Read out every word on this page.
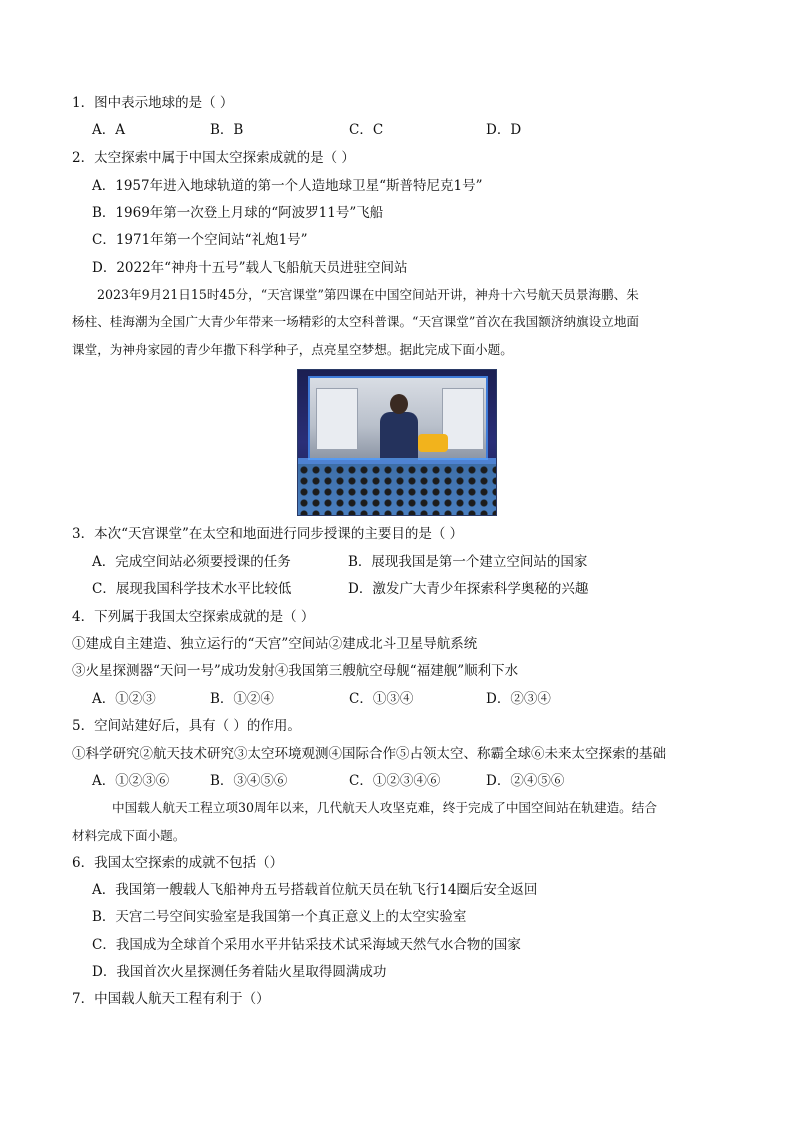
1．图中表示地球的是（ ）
A．A	B．B	C．C	D．D
2．太空探索中属于中国太空探索成就的是（ ）
A．1957年进入地球轨道的第一个人造地球卫星“斯普特尼克1号”
B．1969年第一次登上月球的“阿波罗11号”飞船
C．1971年第一个空间站“礼炮1号”
D．2022年“神舟十五号”载人飞船航天员进驻空间站
2023年9月21日15时45分，“天宫课堂”第四课在中国空间站开讲，神舟十六号航天员景海鹏、朱
杨柱、桂海潮为全国广大青少年带来一场精彩的太空科普课。“天宫课堂”首次在我国额济纳旗设立地面
课堂，为神舟家园的青少年撒下科学种子，点亮星空梦想。据此完成下面小题。
3．本次“天宫课堂”在太空和地面进行同步授课的主要目的是（ ）
A．完成空间站必须要授课的任务	B．展现我国是第一个建立空间站的国家
C．展现我国科学技术水平比较低	D．激发广大青少年探索科学奥秘的兴趣
4．下列属于我国太空探索成就的是（ ）
①建成自主建造、独立运行的“天宫”空间站②建成北斗卫星导航系统
③火星探测器“天问一号”成功发射④我国第三艘航空母舰“福建舰”顺利下水
A．①②③	B．①②④	C．①③④	D．②③④
5．空间站建好后，具有（ ）的作用。
①科学研究②航天技术研究③太空环境观测④国际合作⑤占领太空、称霸全球⑥未来太空探索的基础
A．①②③⑥	B．③④⑤⑥	C．①②③④⑥	D．②④⑤⑥
中国载人航天工程立项30周年以来，几代航天人攻坚克难，终于完成了中国空间站在轨建造。结合
材料完成下面小题。
6．我国太空探索的成就不包括（）
A．我国第一艘载人飞船神舟五号搭载首位航天员在轨飞行14圈后安全返回
B．天宫二号空间实验室是我国第一个真正意义上的太空实验室
C．我国成为全球首个采用水平井钻采技术试采海域天然气水合物的国家
D．我国首次火星探测任务着陆火星取得圆满成功
7．中国载人航天工程有利于（）
